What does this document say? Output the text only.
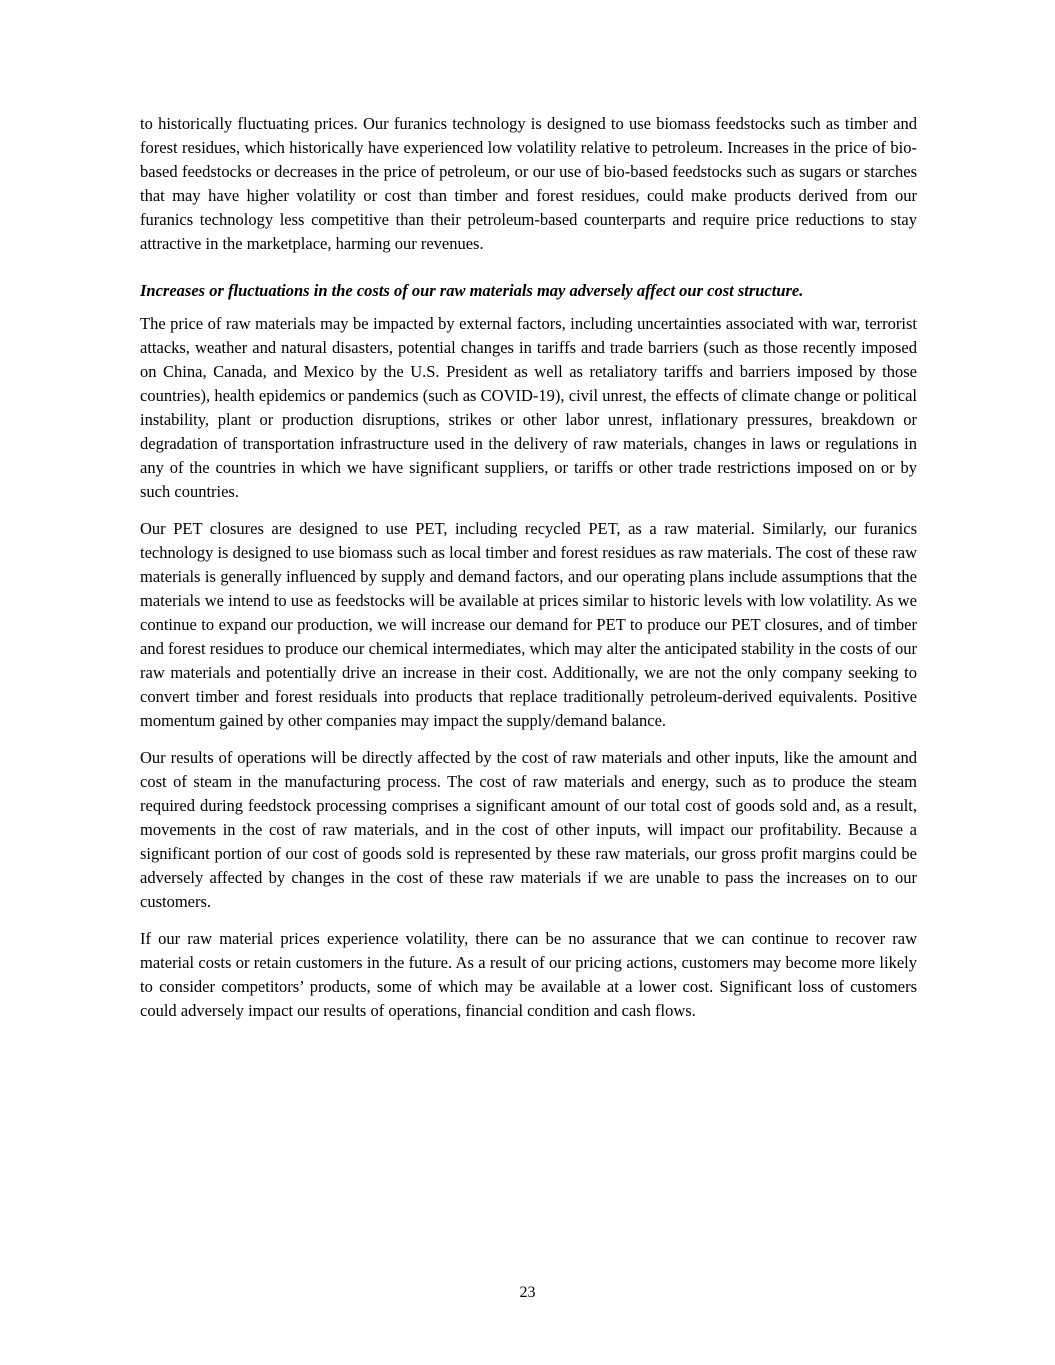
to historically fluctuating prices. Our furanics technology is designed to use biomass feedstocks such as timber and forest residues, which historically have experienced low volatility relative to petroleum. Increases in the price of bio-based feedstocks or decreases in the price of petroleum, or our use of bio-based feedstocks such as sugars or starches that may have higher volatility or cost than timber and forest residues, could make products derived from our furanics technology less competitive than their petroleum-based counterparts and require price reductions to stay attractive in the marketplace, harming our revenues.

Increases or fluctuations in the costs of our raw materials may adversely affect our cost structure.

The price of raw materials may be impacted by external factors, including uncertainties associated with war, terrorist attacks, weather and natural disasters, potential changes in tariffs and trade barriers (such as those recently imposed on China, Canada, and Mexico by the U.S. President as well as retaliatory tariffs and barriers imposed by those countries), health epidemics or pandemics (such as COVID-19), civil unrest, the effects of climate change or political instability, plant or production disruptions, strikes or other labor unrest, inflationary pressures, breakdown or degradation of transportation infrastructure used in the delivery of raw materials, changes in laws or regulations in any of the countries in which we have significant suppliers, or tariffs or other trade restrictions imposed on or by such countries.

Our PET closures are designed to use PET, including recycled PET, as a raw material. Similarly, our furanics technology is designed to use biomass such as local timber and forest residues as raw materials. The cost of these raw materials is generally influenced by supply and demand factors, and our operating plans include assumptions that the materials we intend to use as feedstocks will be available at prices similar to historic levels with low volatility. As we continue to expand our production, we will increase our demand for PET to produce our PET closures, and of timber and forest residues to produce our chemical intermediates, which may alter the anticipated stability in the costs of our raw materials and potentially drive an increase in their cost. Additionally, we are not the only company seeking to convert timber and forest residuals into products that replace traditionally petroleum-derived equivalents. Positive momentum gained by other companies may impact the supply/demand balance.

Our results of operations will be directly affected by the cost of raw materials and other inputs, like the amount and cost of steam in the manufacturing process. The cost of raw materials and energy, such as to produce the steam required during feedstock processing comprises a significant amount of our total cost of goods sold and, as a result, movements in the cost of raw materials, and in the cost of other inputs, will impact our profitability. Because a significant portion of our cost of goods sold is represented by these raw materials, our gross profit margins could be adversely affected by changes in the cost of these raw materials if we are unable to pass the increases on to our customers.

If our raw material prices experience volatility, there can be no assurance that we can continue to recover raw material costs or retain customers in the future. As a result of our pricing actions, customers may become more likely to consider competitors’ products, some of which may be available at a lower cost. Significant loss of customers could adversely impact our results of operations, financial condition and cash flows.

23
